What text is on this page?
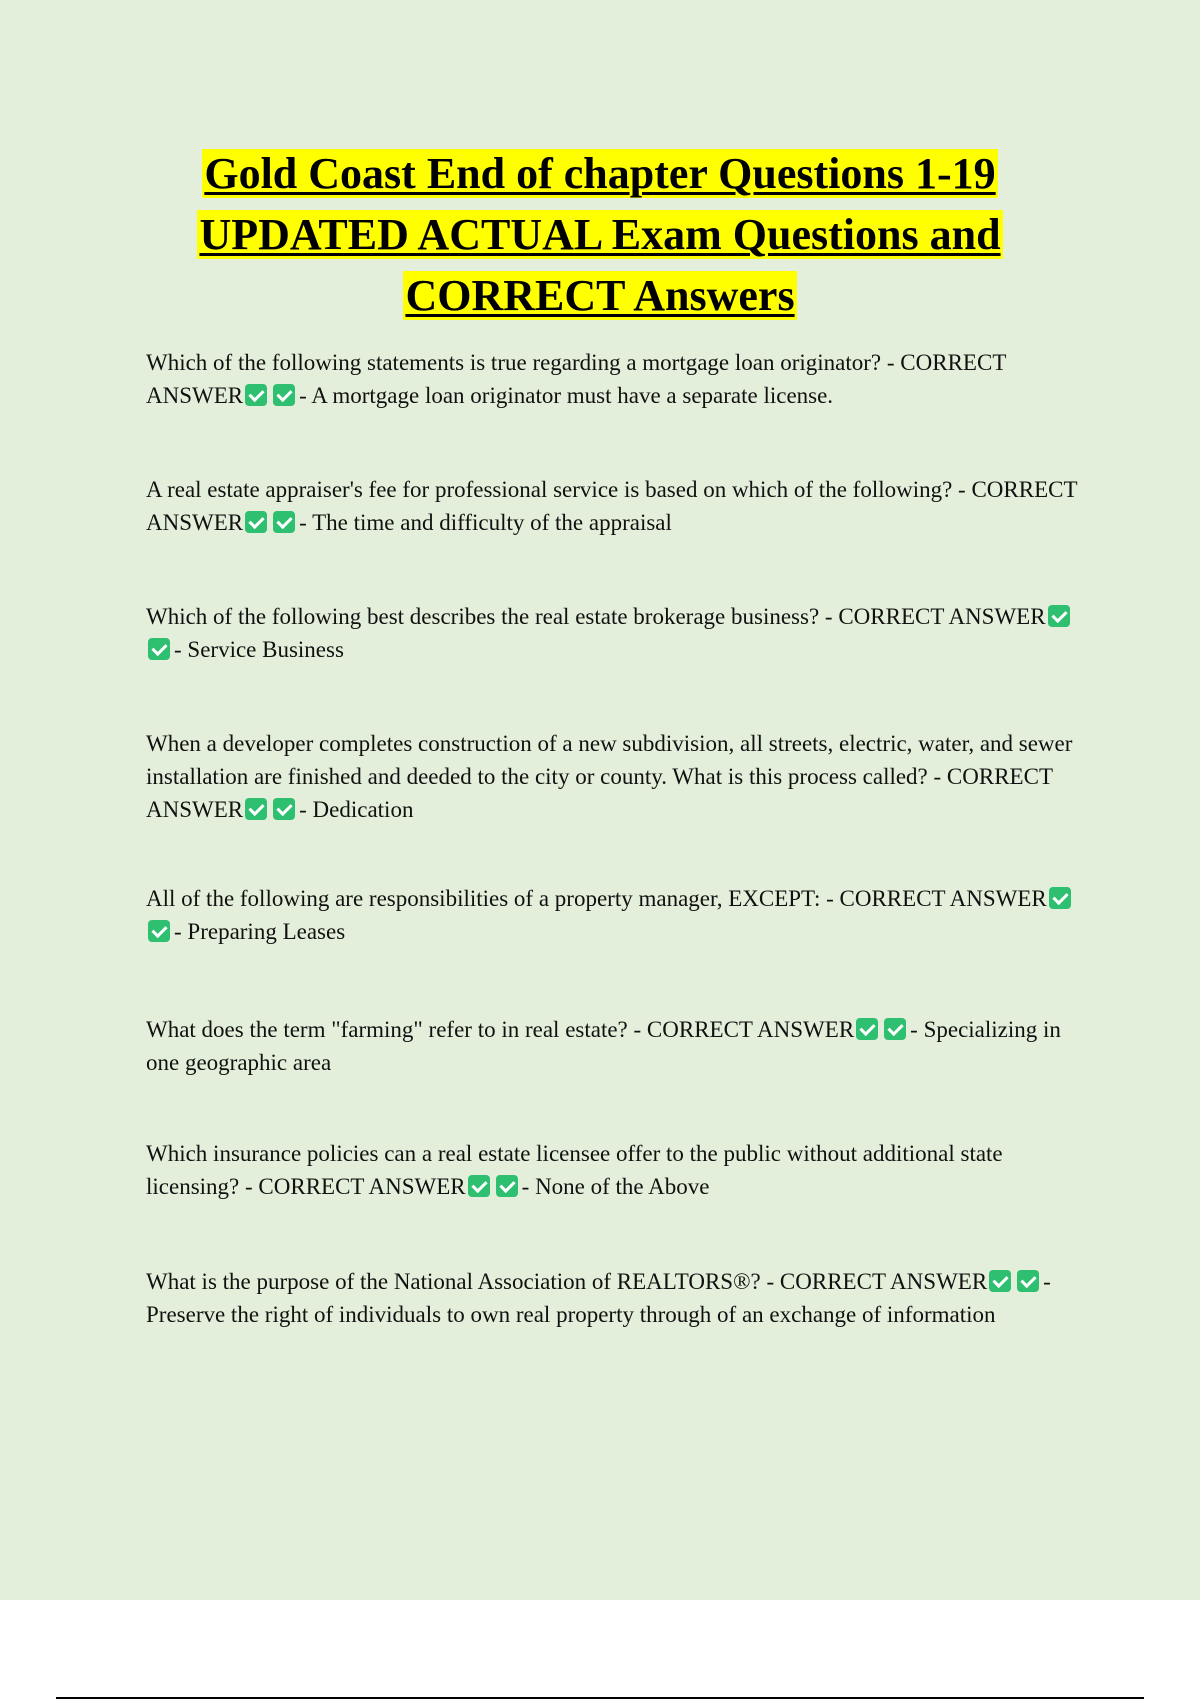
Gold Coast End of chapter Questions 1-19

UPDATED ACTUAL Exam Questions and

CORRECT Answers

Which of the following statements is true regarding a mortgage loan originator? - CORRECT ANSWER - A mortgage loan originator must have a separate license.
A real estate appraiser's fee for professional service is based on which of the following? - CORRECT ANSWER - The time and difficulty of the appraisal
Which of the following best describes the real estate brokerage business? - CORRECT ANSWER- Service Business
When a developer completes construction of a new subdivision, all streets, electric, water, and sewer installation are finished and deeded to the city or county. What is this process called? - CORRECT ANSWER - Dedication
All of the following are responsibilities of a property manager, EXCEPT: - CORRECT ANSWER- Preparing Leases
What does the term "farming" refer to in real estate? - CORRECT ANSWER - Specializing in one geographic area
Which insurance policies can a real estate licensee offer to the public without additional state licensing? - CORRECT ANSWER - None of the Above
What is the purpose of the National Association of REALTORS®? - CORRECT ANSWER - Preserve the right of individuals to own real property through of an exchange of information
